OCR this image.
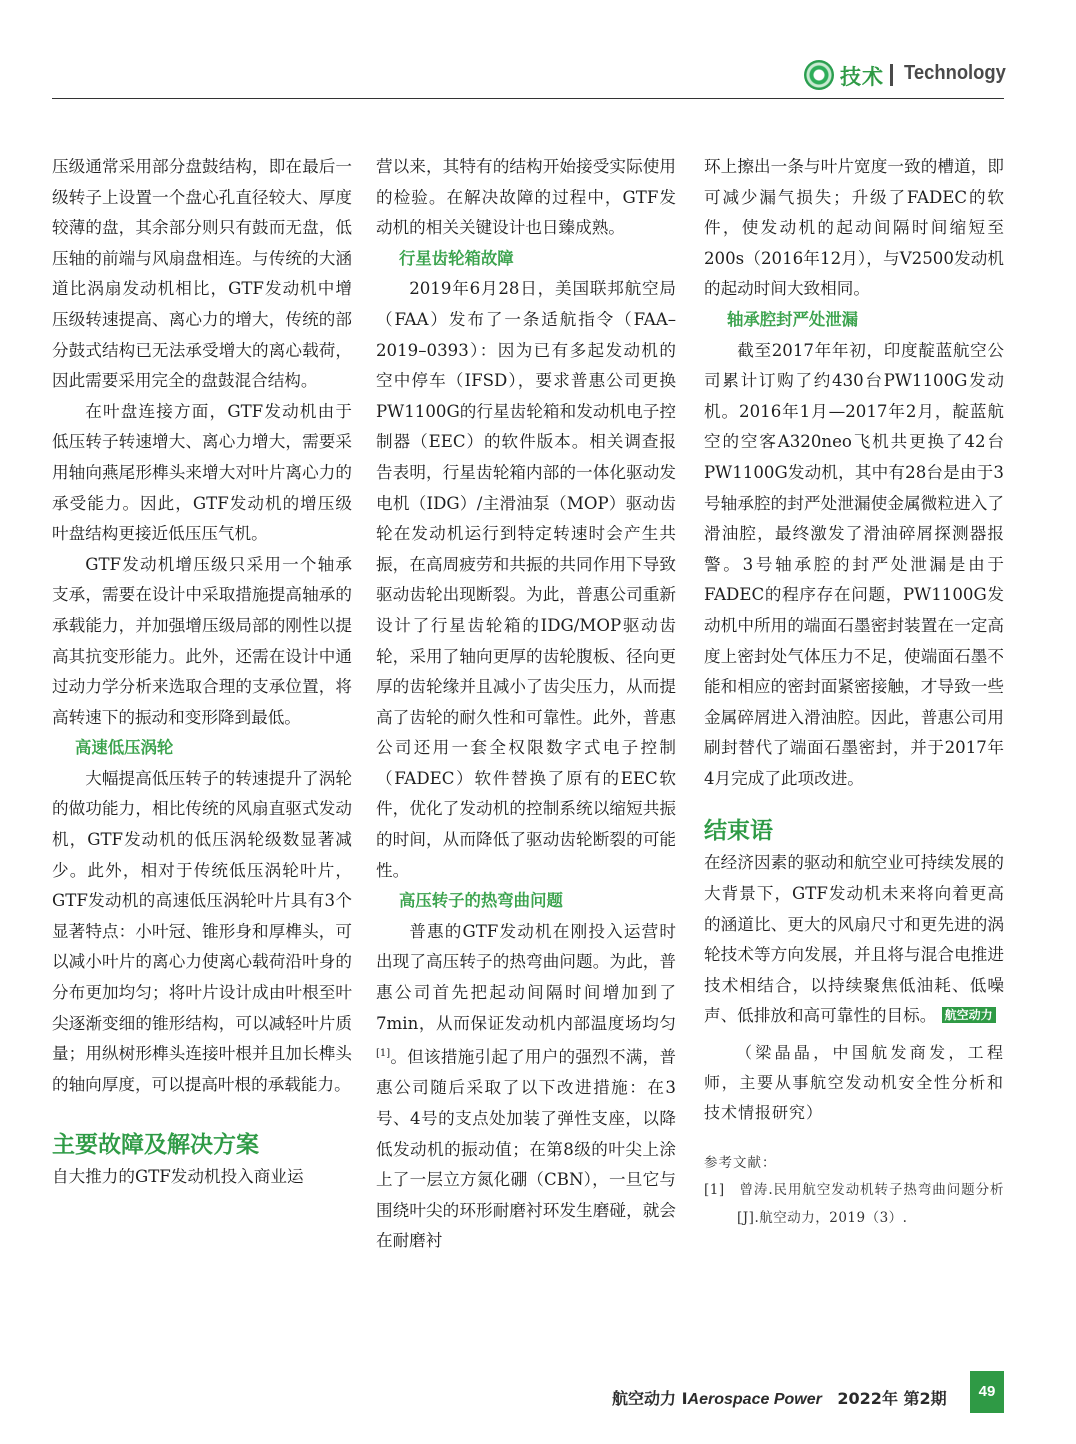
技术 Technology

压级通常采用部分盘鼓结构，即在最后一级转子上设置一个盘心孔直径较大、厚度较薄的盘，其余部分则只有鼓而无盘，低压轴的前端与风扇盘相连。与传统的大涵道比涡扇发动机相比，GTF发动机中增压级转速提高、离心力的增大，传统的部分鼓式结构已无法承受增大的离心载荷，因此需要采用完全的盘鼓混合结构。

在叶盘连接方面，GTF发动机由于低压转子转速增大、离心力增大，需要采用轴向燕尾形榫头来增大对叶片离心力的承受能力。因此，GTF发动机的增压级叶盘结构更接近低压压气机。

GTF发动机增压级只采用一个轴承支承，需要在设计中采取措施提高轴承的承载能力，并加强增压级局部的刚性以提高其抗变形能力。此外，还需在设计中通过动力学分析来选取合理的支承位置，将高转速下的振动和变形降到最低。

高速低压涡轮

大幅提高低压转子的转速提升了涡轮的做功能力，相比传统的风扇直驱式发动机，GTF发动机的低压涡轮级数显著减少。此外，相对于传统低压涡轮叶片，GTF发动机的高速低压涡轮叶片具有3个显著特点：小叶冠、锥形身和厚榫头，可以减小叶片的离心力使离心载荷沿叶身的分布更加均匀；将叶片设计成由叶根至叶尖逐渐变细的锥形结构，可以减轻叶片质量；用纵树形榫头连接叶根并且加长榫头的轴向厚度，可以提高叶根的承载能力。

主要故障及解决方案

自大推力的GTF发动机投入商业运

营以来，其特有的结构开始接受实际使用的检验。在解决故障的过程中，GTF发动机的相关关键设计也日臻成熟。

行星齿轮箱故障

2019年6月28日，美国联邦航空局（FAA）发布了一条适航指令（FAA–2019–0393）：因为已有多起发动机的空中停车（IFSD），要求普惠公司更换PW1100G的行星齿轮箱和发动机电子控制器（EEC）的软件版本。相关调查报告表明，行星齿轮箱内部的一体化驱动发电机（IDG）/主滑油泵（MOP）驱动齿轮在发动机运行到特定转速时会产生共振，在高周疲劳和共振的共同作用下导致驱动齿轮出现断裂。为此，普惠公司重新设计了行星齿轮箱的IDG/MOP驱动齿轮，采用了轴向更厚的齿轮腹板、径向更厚的齿轮缘并且减小了齿尖压力，从而提高了齿轮的耐久性和可靠性。此外，普惠公司还用一套全权限数字式电子控制（FADEC）软件替换了原有的EEC软件，优化了发动机的控制系统以缩短共振的时间，从而降低了驱动齿轮断裂的可能性。

高压转子的热弯曲问题

普惠的GTF发动机在刚投入运营时出现了高压转子的热弯曲问题。为此，普惠公司首先把起动间隔时间增加到了7min，从而保证发动机内部温度场均匀[1]。但该措施引起了用户的强烈不满，普惠公司随后采取了以下改进措施：在3号、4号的支点处加装了弹性支座，以降低发动机的振动值；在第8级的叶尖上涂上了一层立方氮化硼（CBN），一旦它与围绕叶尖的环形耐磨衬环发生磨碰，就会在耐磨衬

环上擦出一条与叶片宽度一致的槽道，即可减少漏气损失；升级了FADEC的软件，使发动机的起动间隔时间缩短至200s（2016年12月），与V2500发动机的起动时间大致相同。

轴承腔封严处泄漏

截至2017年年初，印度靛蓝航空公司累计订购了约430台PW1100G发动机。2016年1月—2017年2月，靛蓝航空的空客A320neo飞机共更换了42台PW1100G发动机，其中有28台是由于3号轴承腔的封严处泄漏使金属微粒进入了滑油腔，最终激发了滑油碎屑探测器报警。3号轴承腔的封严处泄漏是由于FADEC的程序存在问题，PW1100G发动机中所用的端面石墨密封装置在一定高度上密封处气体压力不足，使端面石墨不能和相应的密封面紧密接触，才导致一些金属碎屑进入滑油腔。因此，普惠公司用刷封替代了端面石墨密封，并于2017年4月完成了此项改进。

结束语

在经济因素的驱动和航空业可持续发展的大背景下，GTF发动机未来将向着更高的涵道比、更大的风扇尺寸和更先进的涡轮技术等方向发展，并且将与混合电推进技术相结合，以持续聚焦低油耗、低噪声、低排放和高可靠性的目标。 航空动力

（梁晶晶，中国航发商发，工程师，主要从事航空发动机安全性分析和技术情报研究）

参考文献：

[1]　曾涛.民用航空发动机转子热弯曲问题分析[J].航空动力，2019（3）.

航空动力 IAerospace Power 2022年 第2期	49
